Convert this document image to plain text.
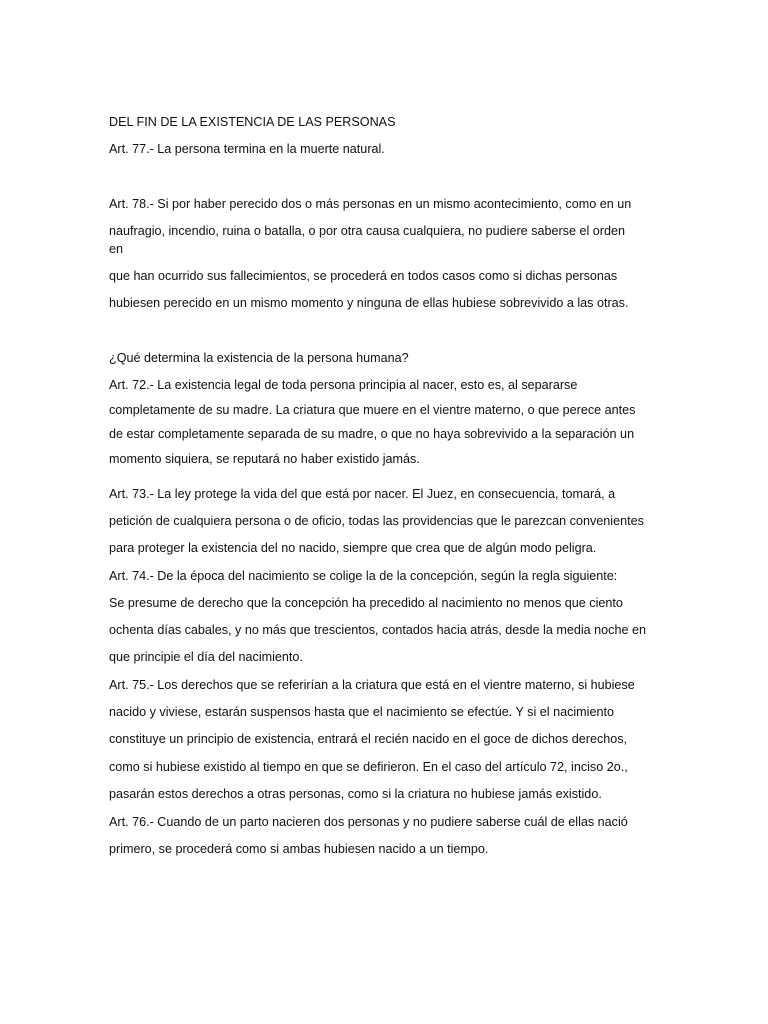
DEL FIN DE LA EXISTENCIA DE LAS PERSONAS

Art. 77.- La persona termina en la muerte natural.

Art. 78.- Si por haber perecido dos o más personas en un mismo acontecimiento, como en un

naufragio, incendio, ruina o batalla, o por otra causa cualquiera, no pudiere saberse el orden

en

que han ocurrido sus fallecimientos, se procederá en todos casos como si dichas personas

hubiesen perecido en un mismo momento y ninguna de ellas hubiese sobrevivido a las otras.

¿Qué determina la existencia de la persona humana?

Art. 72.- La existencia legal de toda persona principia al nacer, esto es, al separarse

completamente de su madre. La criatura que muere en el vientre materno, o que perece antes

de estar completamente separada de su madre, o que no haya sobrevivido a la separación un

momento siquiera, se reputará no haber existido jamás.

Art. 73.- La ley protege la vida del que está por nacer. El Juez, en consecuencia, tomará, a

petición de cualquiera persona o de oficio, todas las providencias que le parezcan convenientes

para proteger la existencia del no nacido, siempre que crea que de algún modo peligra.

Art. 74.- De la época del nacimiento se colige la de la concepción, según la regla siguiente:

Se presume de derecho que la concepción ha precedido al nacimiento no menos que ciento

ochenta días cabales, y no más que trescientos, contados hacia atrás, desde la media noche en

que principie el día del nacimiento.

Art. 75.- Los derechos que se referirían a la criatura que está en el vientre materno, si hubiese

nacido y viviese, estarán suspensos hasta que el nacimiento se efectúe. Y si el nacimiento

constituye un principio de existencia, entrará el recién nacido en el goce de dichos derechos,

como si hubiese existido al tiempo en que se defirieron. En el caso del artículo 72, inciso 2o.,

pasarán estos derechos a otras personas, como si la criatura no hubiese jamás existido.

Art. 76.- Cuando de un parto nacieren dos personas y no pudiere saberse cuál de ellas nació

primero, se procederá como si ambas hubiesen nacido a un tiempo.
